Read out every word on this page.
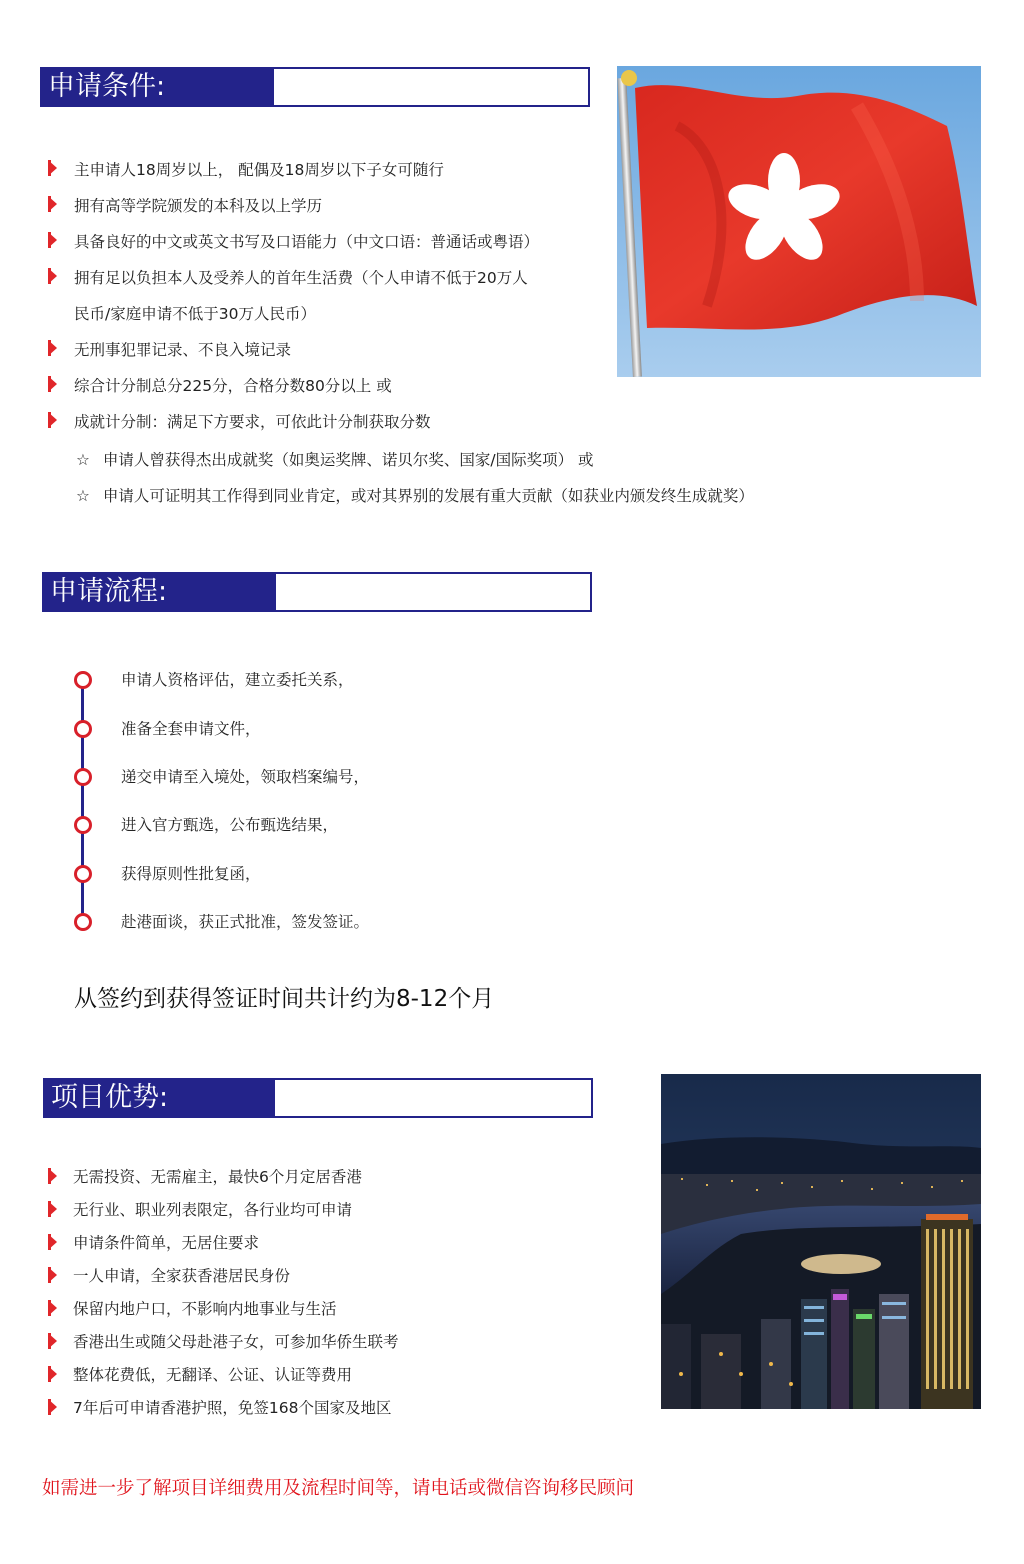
申请条件:
主申请人18周岁以上， 配偶及18周岁以下子女可随行
拥有高等学院颁发的本科及以上学历
具备良好的中文或英文书写及口语能力（中文口语：普通话或粤语）
拥有足以负担本人及受养人的首年生活费（个人申请不低于20万人
民币/家庭申请不低于30万人民币）
无刑事犯罪记录、不良入境记录
综合计分制总分225分，合格分数80分以上 或
成就计分制：满足下方要求，可依此计分制获取分数
☆ 申请人曾获得杰出成就奖（如奥运奖牌、诺贝尔奖、国家/国际奖项） 或
☆ 申请人可证明其工作得到同业肯定，或对其界别的发展有重大贡献（如获业内颁发终生成就奖）
申请流程:
申请人资格评估，建立委托关系，
准备全套申请文件，
递交申请至入境处，领取档案编号，
进入官方甄选，公布甄选结果，
获得原则性批复函，
赴港面谈，获正式批准，签发签证。
从签约到获得签证时间共计约为8-12个月
项目优势:
无需投资、无需雇主，最快6个月定居香港
无行业、职业列表限定，各行业均可申请
申请条件简单，无居住要求
一人申请，全家获香港居民身份
保留内地户口，不影响内地事业与生活
香港出生或随父母赴港子女，可参加华侨生联考
整体花费低，无翻译、公证、认证等费用
7年后可申请香港护照，免签168个国家及地区
如需进一步了解项目详细费用及流程时间等，请电话或微信咨询移民顾问
